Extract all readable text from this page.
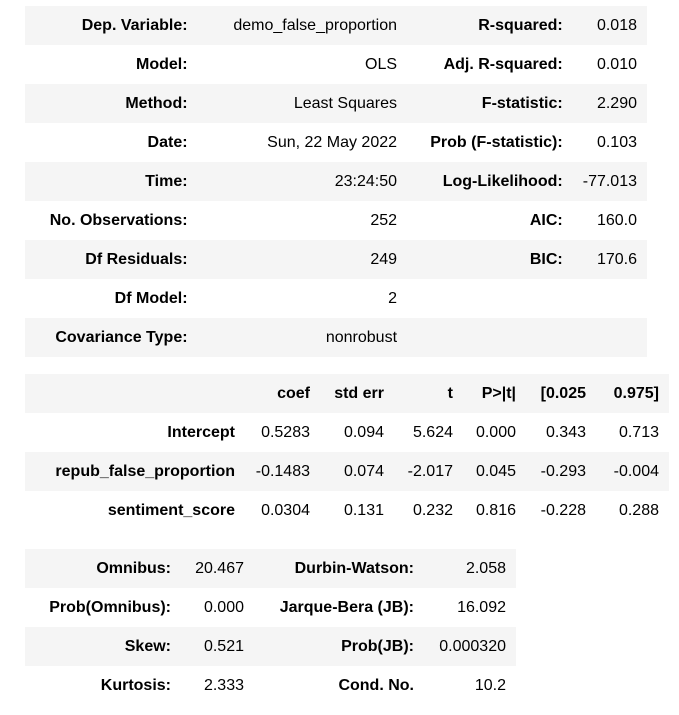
Dep. Variable:	demo_false_proportion	R-squared:	0.018
Model:	OLS	Adj. R-squared:	0.010
Method:	Least Squares	F-statistic:	2.290
Date:	Sun, 22 May 2022	Prob (F-statistic):	0.103
Time:	23:24:50	Log-Likelihood:	-77.013
No. Observations:	252	AIC:	160.0
Df Residuals:	249	BIC:	170.6
Df Model:	2		
Covariance Type:	nonrobust		
	coef	std err	t	P>|t|	[0.025	0.975]
Intercept	0.5283	0.094	5.624	0.000	0.343	0.713
repub_false_proportion	-0.1483	0.074	-2.017	0.045	-0.293	-0.004
sentiment_score	0.0304	0.131	0.232	0.816	-0.228	0.288
Omnibus:	20.467	Durbin-Watson:	2.058
Prob(Omnibus):	0.000	Jarque-Bera (JB):	16.092
Skew:	0.521	Prob(JB):	0.000320
Kurtosis:	2.333	Cond. No.	10.2
